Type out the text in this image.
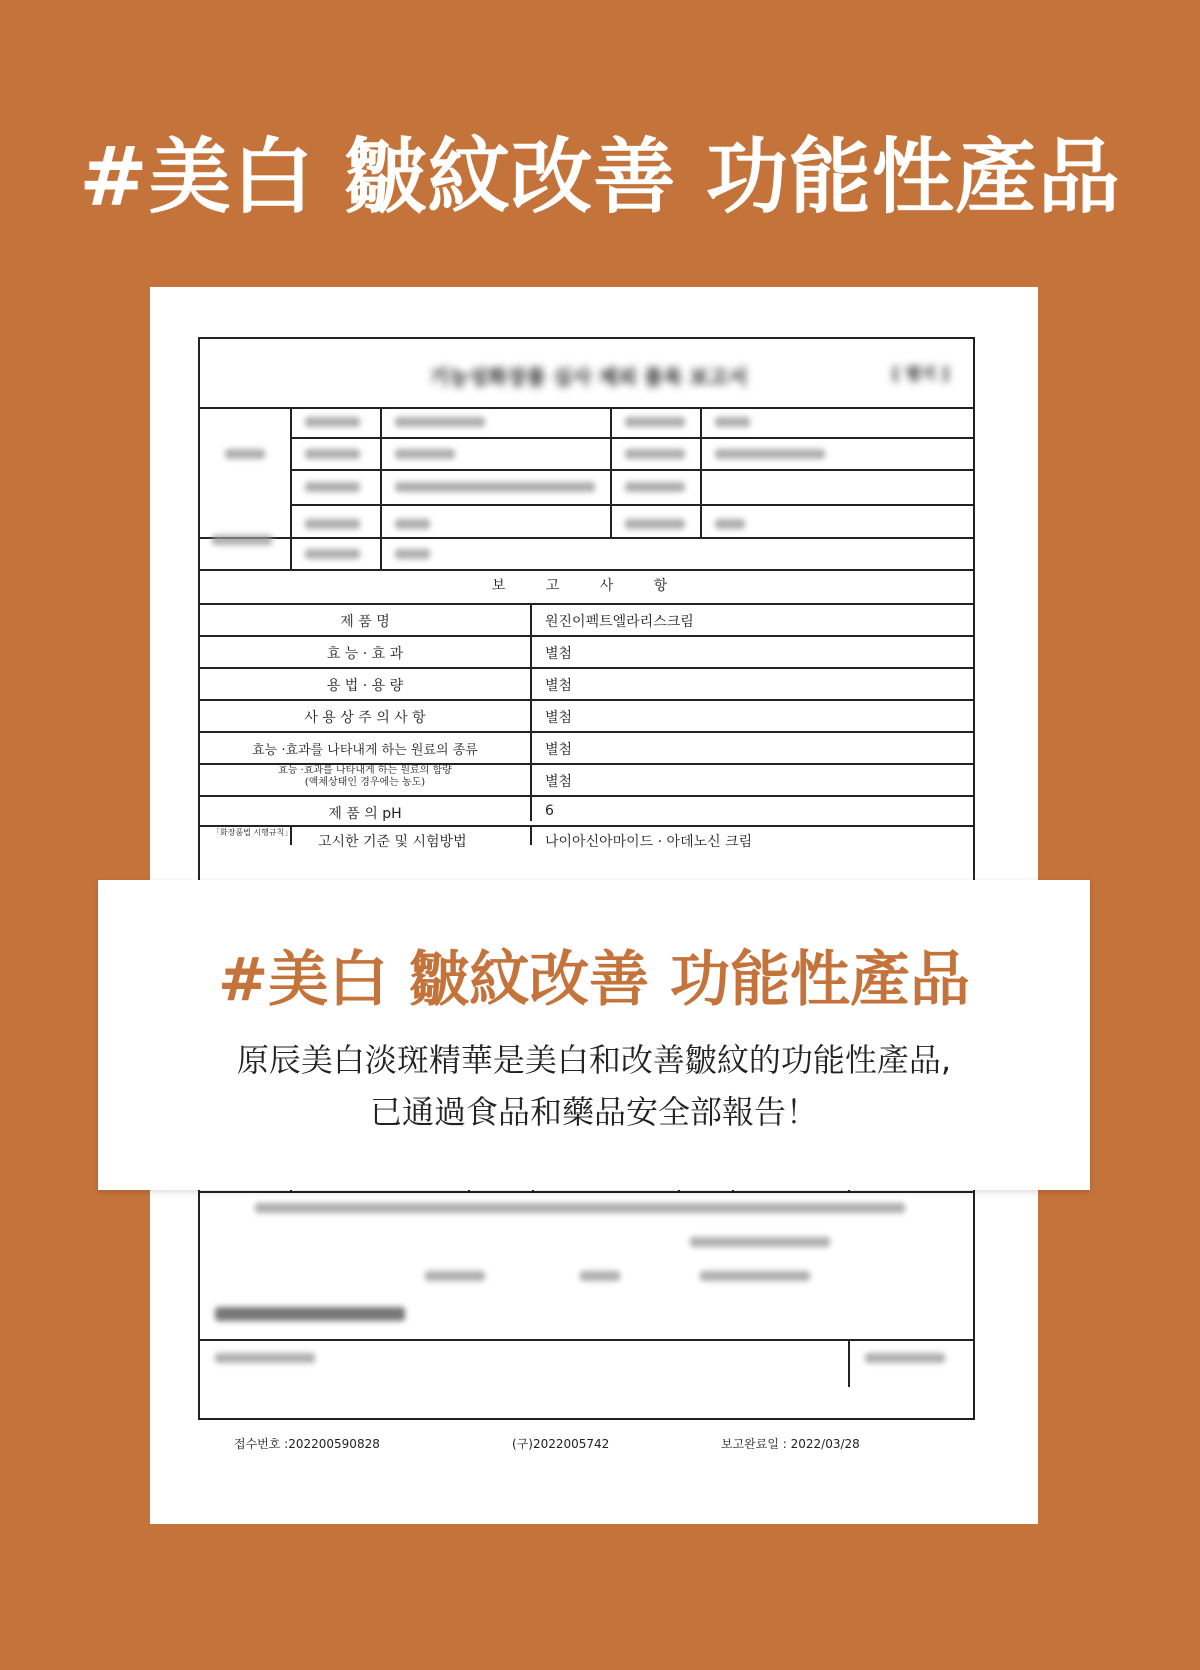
#美白 皺紋改善 功能性產品
기능성화장품 심사 제외 품목 보고서	[ 별지 ]
보 고 사 항
제 품 명	원진이펙트엘라리스크림
효 능 · 효 과	별첨
용 법 · 용 량	별첨
사 용 상 주 의 사 항	별첨
효능 ·효과를 나타내게 하는 원료의 종류	별첨
효능 ·효과를 나타내게 하는 원료의 함량
(액체상태인 경우에는 농도)	별첨
제 품 의 pH	6
「화장품법 시행규칙」
고시한 기준 및 시험방법	나이아신아마이드 · 아데노신 크림
접수번호 :202200590828	(구)2022005742	보고완료일 : 2022/03/28
#美白 皺紋改善 功能性產品
原辰美白淡斑精華是美白和改善皺紋的功能性產品,
已通過食品和藥品安全部報告！
